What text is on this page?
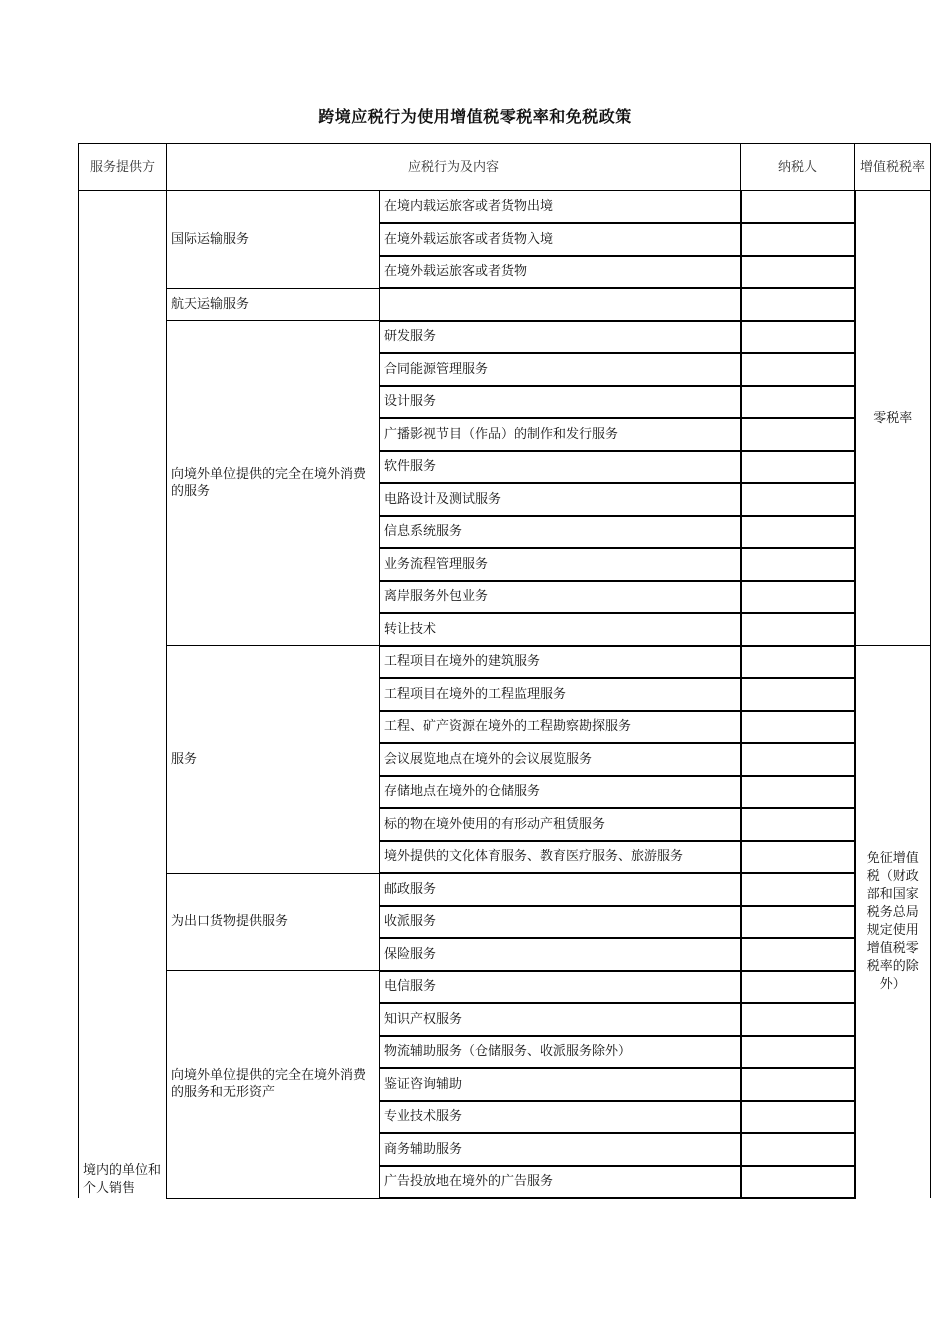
跨境应税行为使用增值税零税率和免税政策
服务提供方	应税行为及内容		纳税人	增值税税率

境内的单位和个人销售	国际运输服务	在境内载运旅客或者货物出境		零税率
		在境外载运旅客或者货物入境		
		在境外载运旅客或者货物		
	航天运输服务			
	向境外单位提供的完全在境外消费的服务	研发服务		
		合同能源管理服务		
		设计服务		
		广播影视节目（作品）的制作和发行服务		
		软件服务		
		电路设计及测试服务		
		信息系统服务		
		业务流程管理服务		
		离岸服务外包业务		
		转让技术		
	服务	工程项目在境外的建筑服务		免征增值税（财政部和国家税务总局规定使用增值税零税率的除外）
		工程项目在境外的工程监理服务		
		工程、矿产资源在境外的工程勘察勘探服务		
		会议展览地点在境外的会议展览服务		
		存储地点在境外的仓储服务		
		标的物在境外使用的有形动产租赁服务		
		境外提供的文化体育服务、教育医疗服务、旅游服务		
	为出口货物提供服务	邮政服务		
		收派服务		
		保险服务		
	向境外单位提供的完全在境外消费的服务和无形资产	电信服务		
		知识产权服务		
		物流辅助服务（仓储服务、收派服务除外）		
		鉴证咨询辅助		
		专业技术服务		
		商务辅助服务		
		广告投放地在境外的广告服务		
